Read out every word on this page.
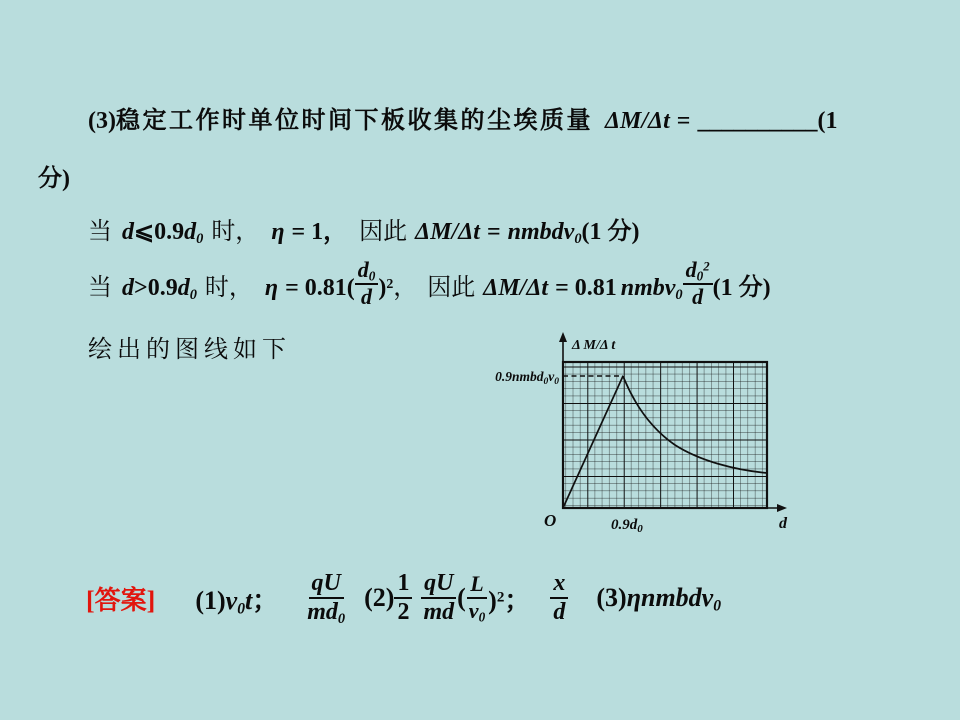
(3)稳定工作时单位时间下板收集的尘埃质量 ΔM/Δt = __________(1
分)
当 $d⩽0.9d_0$ 时， η = 1， 因此 ΔM/Δt = nmbdv$_0$(1 分)
当 $d>0.9d_0$ 时， $\eta = 0.81( \frac{d_0}{d} )^2$， 因此 ΔM/Δt = 0.81 nmbv$_0$ $\frac{d_0^2}{d} (1$ 分)
绘出的图线如下	Δ M/Δ t
$0.9nmbd_0v_0$
O	$0.9d_0$	d
[答案] $(1)v_0t$； $\frac{qU}{md_0} (2) \frac{1}{2} \frac{qU}{md}$ ( $\frac{L}{v_0} )^2$； $\frac{x}{d}$ (3)ηnmbdv$_0$
